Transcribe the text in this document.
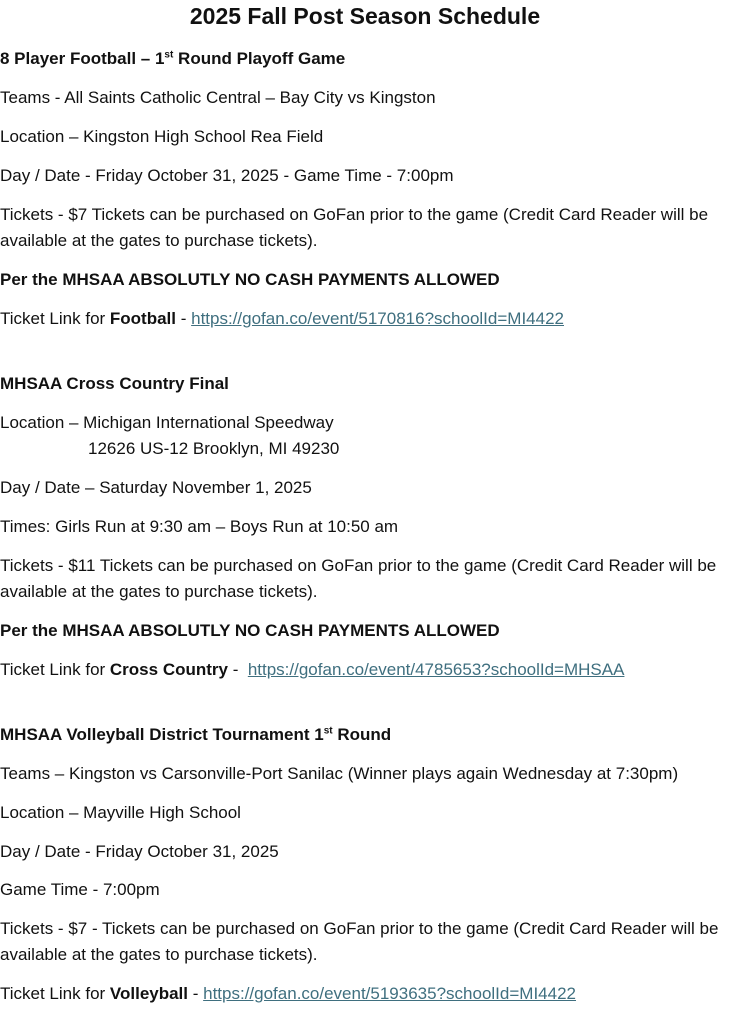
2025 Fall Post Season Schedule
8 Player Football – 1st Round Playoff Game
Teams - All Saints Catholic Central – Bay City vs Kingston
Location – Kingston High School Rea Field
Day / Date - Friday October 31, 2025 - Game Time - 7:00pm
Tickets - $7 Tickets can be purchased on GoFan prior to the game (Credit Card Reader will be available at the gates to purchase tickets).
Per the MHSAA ABSOLUTLY NO CASH PAYMENTS ALLOWED
Ticket Link for Football - https://gofan.co/event/5170816?schoolId=MI4422
MHSAA Cross Country Final
Location – Michigan International Speedway
12626 US-12 Brooklyn, MI 49230
Day / Date – Saturday November 1, 2025
Times: Girls Run at 9:30 am – Boys Run at 10:50 am
Tickets - $11 Tickets can be purchased on GoFan prior to the game (Credit Card Reader will be available at the gates to purchase tickets).
Per the MHSAA ABSOLUTLY NO CASH PAYMENTS ALLOWED
Ticket Link for Cross Country -  https://gofan.co/event/4785653?schoolId=MHSAA
MHSAA Volleyball District Tournament 1st Round
Teams – Kingston vs Carsonville-Port Sanilac (Winner plays again Wednesday at 7:30pm)
Location – Mayville High School
Day / Date - Friday October 31, 2025
Game Time - 7:00pm
Tickets - $7 - Tickets can be purchased on GoFan prior to the game (Credit Card Reader will be available at the gates to purchase tickets).
Ticket Link for Volleyball - https://gofan.co/event/5193635?schoolId=MI4422
